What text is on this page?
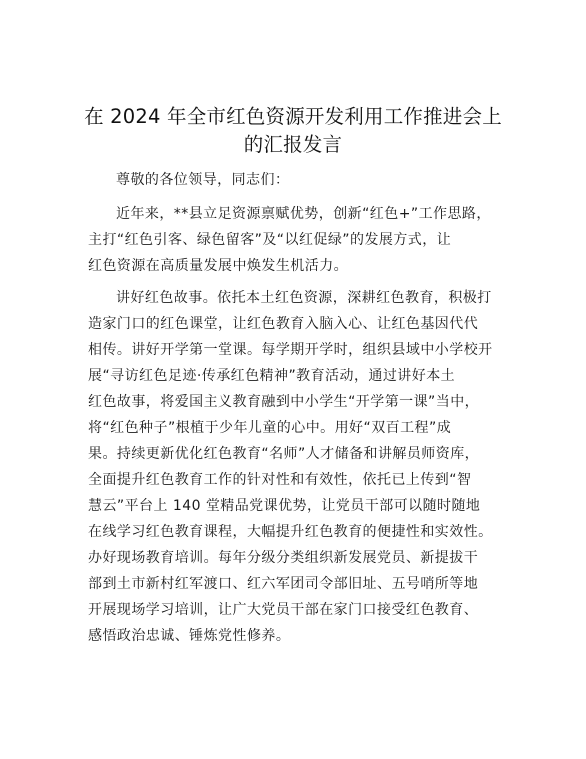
在 2024 年全市红色资源开发利用工作推进会上
的汇报发言
尊敬的各位领导，同志们：
近年来，**县立足资源禀赋优势，创新“红色+”工作思路，
主打“红色引客、绿色留客”及“以红促绿”的发展方式，让
红色资源在高质量发展中焕发生机活力。
讲好红色故事。依托本土红色资源，深耕红色教育，积极打
造家门口的红色课堂，让红色教育入脑入心、让红色基因代代
相传。讲好开学第一堂课。每学期开学时，组织县域中小学校开
展“寻访红色足迹·传承红色精神”教育活动，通过讲好本土
红色故事，将爱国主义教育融到中小学生“开学第一课”当中，
将“红色种子”根植于少年儿童的心中。用好“双百工程”成
果。持续更新优化红色教育“名师”人才储备和讲解员师资库，
全面提升红色教育工作的针对性和有效性，依托已上传到“智
慧云”平台上 140 堂精品党课优势，让党员干部可以随时随地
在线学习红色教育课程，大幅提升红色教育的便捷性和实效性。
办好现场教育培训。每年分级分类组织新发展党员、新提拔干
部到土市新村红军渡口、红六军团司令部旧址、五号哨所等地
开展现场学习培训，让广大党员干部在家门口接受红色教育、
感悟政治忠诚、锤炼党性修养。
